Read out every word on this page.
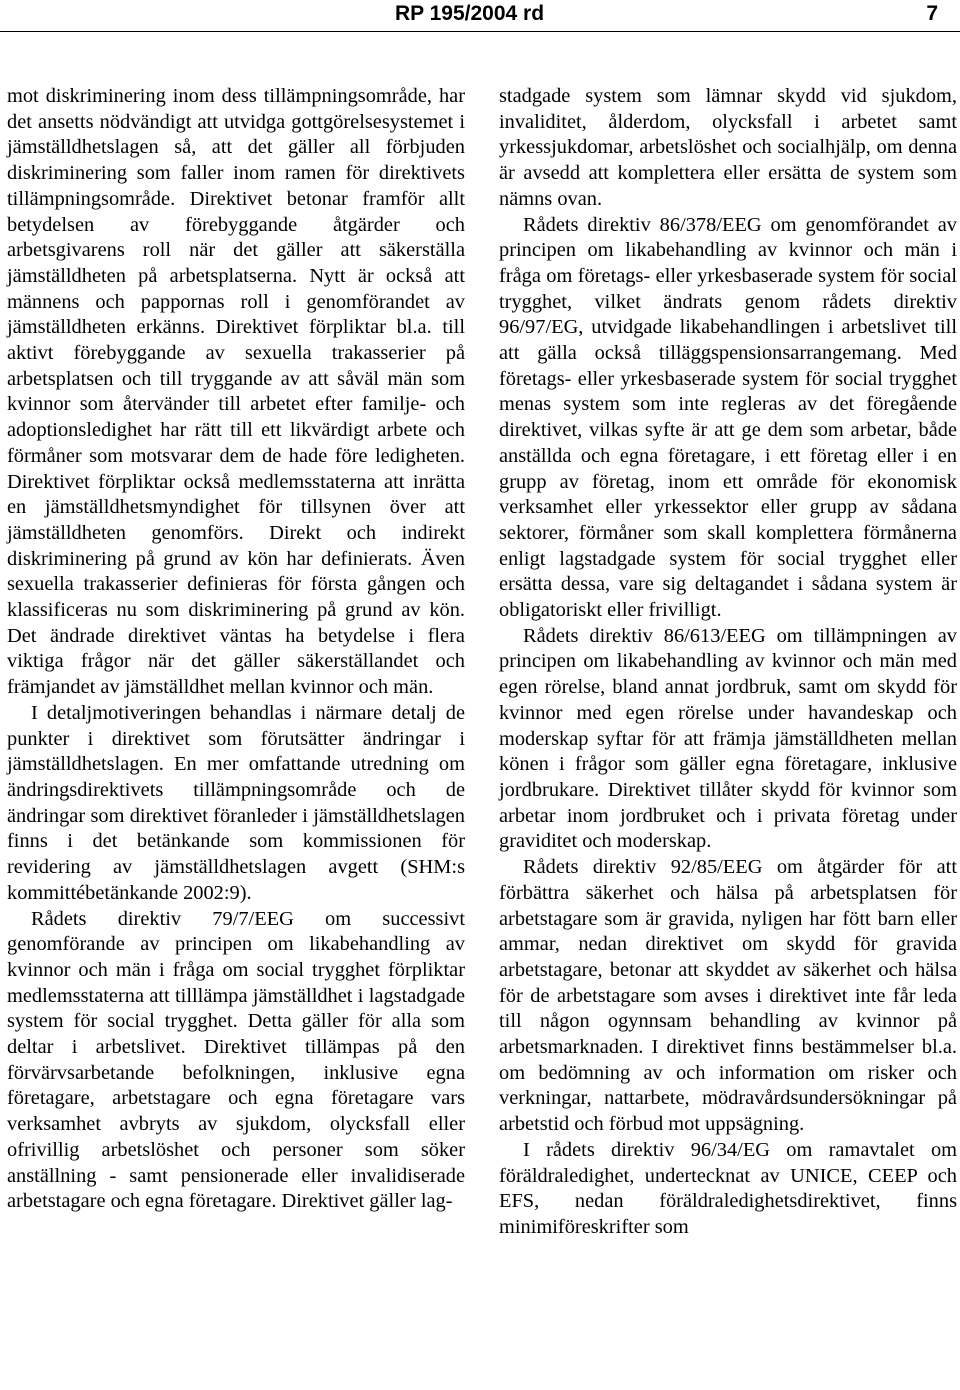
RP 195/2004 rd	7

mot diskriminering inom dess tillämpningsområde, har det ansetts nödvändigt att utvidga gottgörelsesystemet i jämställdhetslagen så, att det gäller all förbjuden diskriminering som faller inom ramen för direktivets tillämpningsområde. Direktivet betonar framför allt betydelsen av förebyggande åtgärder och arbetsgivarens roll när det gäller att säkerställa jämställdheten på arbetsplatserna. Nytt är också att männens och pappornas roll i genomförandet av jämställdheten erkänns. Direktivet förpliktar bl.a. till aktivt förebyggande av sexuella trakasserier på arbetsplatsen och till tryggande av att såväl män som kvinnor som återvänder till arbetet efter familje- och adoptionsledighet har rätt till ett likvärdigt arbete och förmåner som motsvarar dem de hade före ledigheten. Direktivet förpliktar också medlemsstaterna att inrätta en jämställdhetsmyndighet för tillsynen över att jämställdheten genomförs. Direkt och indirekt diskriminering på grund av kön har definierats. Även sexuella trakasserier definieras för första gången och klassificeras nu som diskriminering på grund av kön. Det ändrade direktivet väntas ha betydelse i flera viktiga frågor när det gäller säkerställandet och främjandet av jämställdhet mellan kvinnor och män.

I detaljmotiveringen behandlas i närmare detalj de punkter i direktivet som förutsätter ändringar i jämställdhetslagen. En mer omfattande utredning om ändringsdirektivets tillämpningsområde och de ändringar som direktivet föranleder i jämställdhetslagen finns i det betänkande som kommissionen för revidering av jämställdhetslagen avgett (SHM:s kommittébetänkande 2002:9).

Rådets direktiv 79/7/EEG om successivt genomförande av principen om likabehandling av kvinnor och män i fråga om social trygghet förpliktar medlemsstaterna att tilllämpa jämställdhet i lagstadgade system för social trygghet. Detta gäller för alla som deltar i arbetslivet. Direktivet tillämpas på den förvärvsarbetande befolkningen, inklusive egna företagare, arbetstagare och egna företagare vars verksamhet avbryts av sjukdom, olycksfall eller ofrivillig arbetslöshet och personer som söker anställning - samt pensionerade eller invalidiserade arbetstagare och egna företagare. Direktivet gäller lag-

stadgade system som lämnar skydd vid sjukdom, invaliditet, ålderdom, olycksfall i arbetet samt yrkessjukdomar, arbetslöshet och socialhjälp, om denna är avsedd att komplettera eller ersätta de system som nämns ovan.

Rådets direktiv 86/378/EEG om genomförandet av principen om likabehandling av kvinnor och män i fråga om företags- eller yrkesbaserade system för social trygghet, vilket ändrats genom rådets direktiv 96/97/EG, utvidgade likabehandlingen i arbetslivet till att gälla också tilläggspensionsarrangemang. Med företags- eller yrkesbaserade system för social trygghet menas system som inte regleras av det föregående direktivet, vilkas syfte är att ge dem som arbetar, både anställda och egna företagare, i ett företag eller i en grupp av företag, inom ett område för ekonomisk verksamhet eller yrkessektor eller grupp av sådana sektorer, förmåner som skall komplettera förmånerna enligt lagstadgade system för social trygghet eller ersätta dessa, vare sig deltagandet i sådana system är obligatoriskt eller frivilligt.

Rådets direktiv 86/613/EEG om tillämpningen av principen om likabehandling av kvinnor och män med egen rörelse, bland annat jordbruk, samt om skydd för kvinnor med egen rörelse under havandeskap och moderskap syftar för att främja jämställdheten mellan könen i frågor som gäller egna företagare, inklusive jordbrukare. Direktivet tillåter skydd för kvinnor som arbetar inom jordbruket och i privata företag under graviditet och moderskap.

Rådets direktiv 92/85/EEG om åtgärder för att förbättra säkerhet och hälsa på arbetsplatsen för arbetstagare som är gravida, nyligen har fött barn eller ammar, nedan direktivet om skydd för gravida arbetstagare, betonar att skyddet av säkerhet och hälsa för de arbetstagare som avses i direktivet inte får leda till någon ogynnsam behandling av kvinnor på arbetsmarknaden. I direktivet finns bestämmelser bl.a. om bedömning av och information om risker och verkningar, nattarbete, mödravårdsundersökningar på arbetstid och förbud mot uppsägning.

I rådets direktiv 96/34/EG om ramavtalet om föräldraledighet, undertecknat av UNICE, CEEP och EFS, nedan föräldraledighetsdirektivet, finns minimiföreskrifter som
